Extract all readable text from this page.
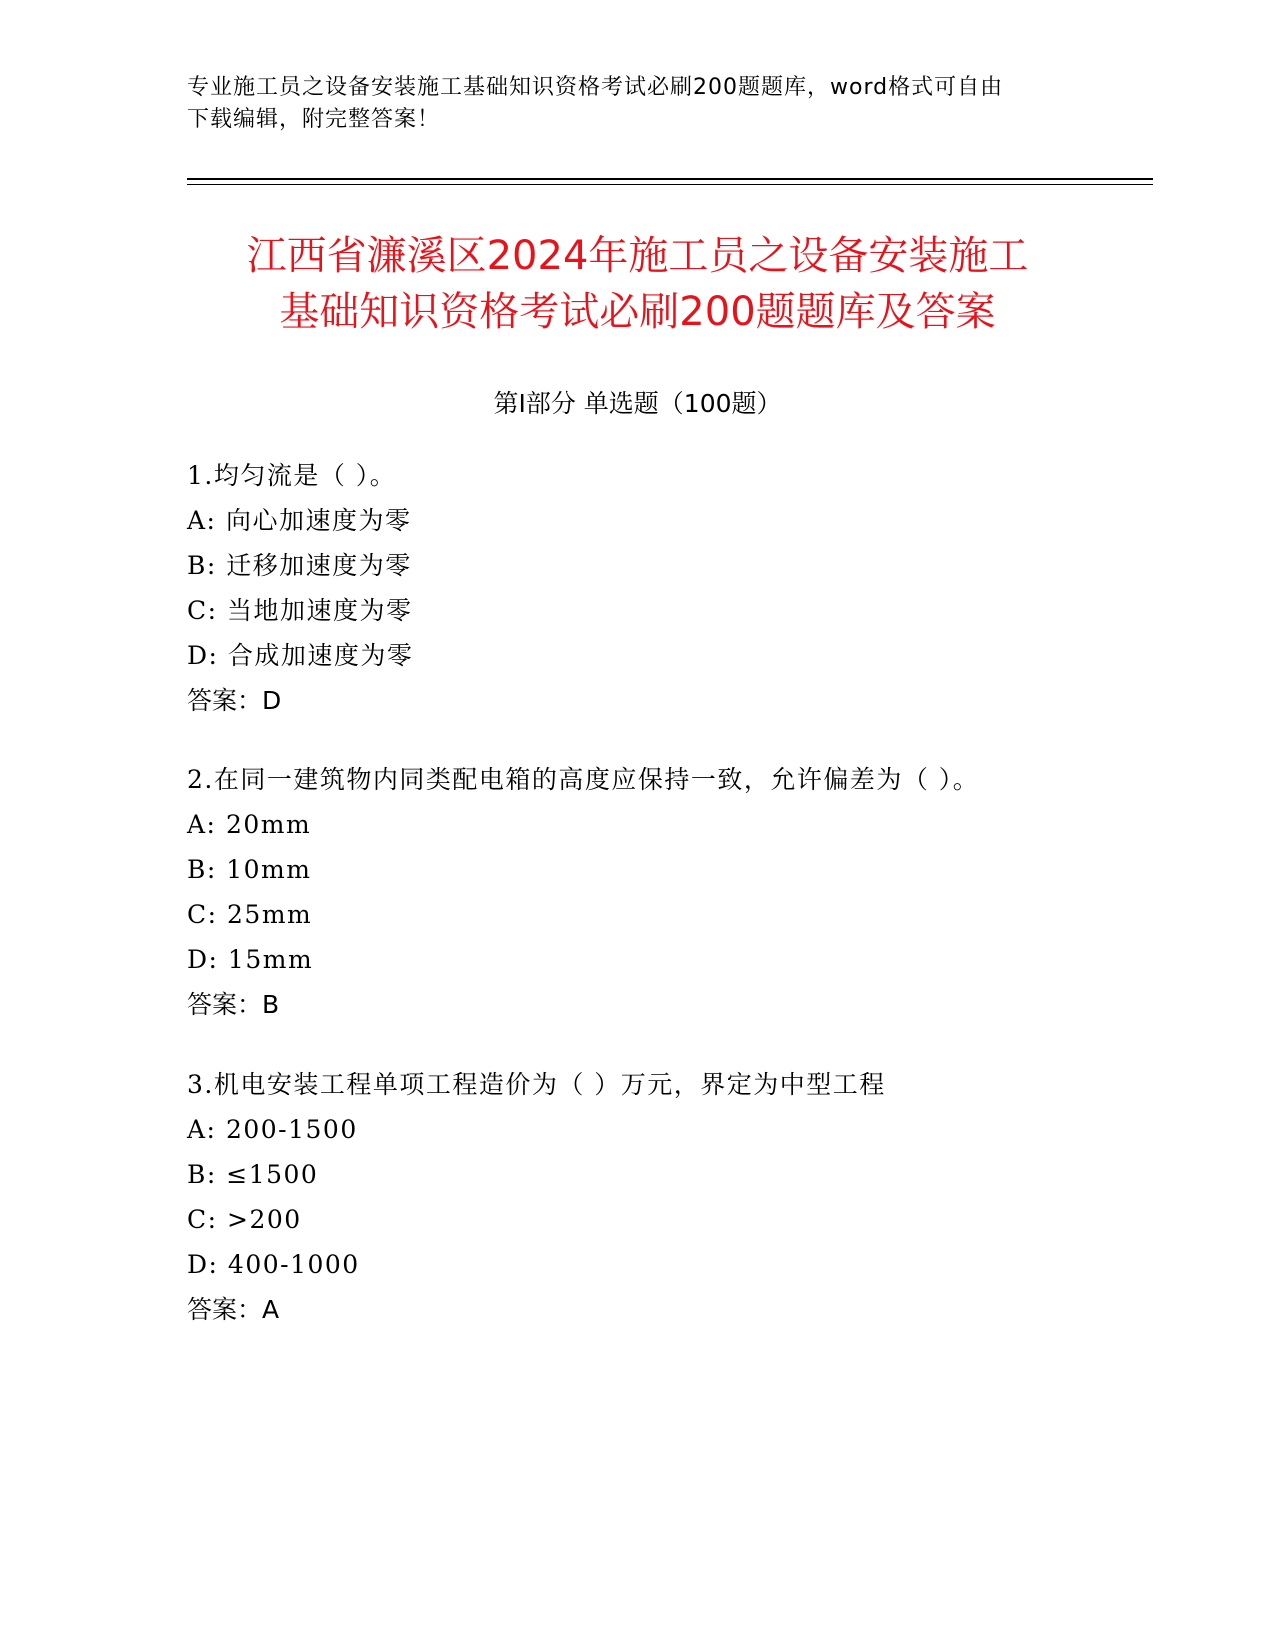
专业施工员之设备安装施工基础知识资格考试必刷200题题库，word格式可自由
下载编辑，附完整答案！
江西省濂溪区2024年施工员之设备安装施工
基础知识资格考试必刷200题题库及答案
第Ⅰ部分 单选题（100题）
1.均匀流是（ ）。
A: 向心加速度为零
B: 迁移加速度为零
C: 当地加速度为零
D: 合成加速度为零
答案：D
2.在同一建筑物内同类配电箱的高度应保持一致，允许偏差为（ ）。
A: 20mm
B: 10mm
C: 25mm
D: 15mm
答案：B
3.机电安装工程单项工程造价为（ ）万元，界定为中型工程
A: 200-1500
B: ≤1500
C: >200
D: 400-1000
答案：A
